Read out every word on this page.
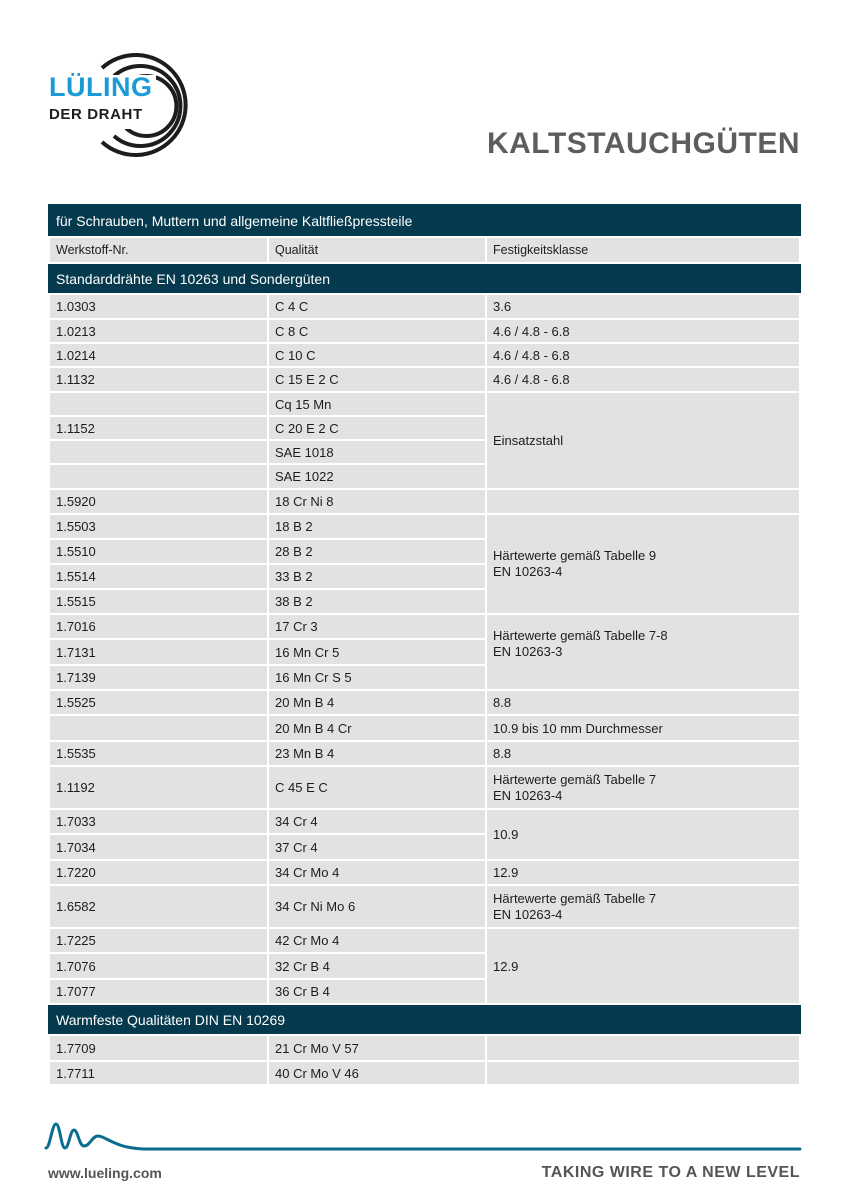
LÜLING
DER DRAHT
KALTSTAUCHGÜTEN
für Schrauben, Muttern und allgemeine Kaltfließpressteile		
Werkstoff-Nr.	Qualität	Festigkeitsklasse
Standarddrähte EN 10263 und Sondergüten		
1.0303	C 4 C	3.6
1.0213	C 8 C	4.6 / 4.8 - 6.8
1.0214	C 10 C	4.6 / 4.8 - 6.8
1.1132	C 15 E 2 C	4.6 / 4.8 - 6.8
	Cq 15 Mn	Einsatzstahl
1.1152	C 20 E 2 C	
	SAE 1018	
	SAE 1022	
1.5920	18 Cr Ni 8	
1.5503	18 B 2	Härtewerte gemäß Tabelle 9
EN 10263-4
1.5510	28 B 2	
1.5514	33 B 2	
1.5515	38 B 2	
1.7016	17 Cr 3	Härtewerte gemäß Tabelle 7-8
EN 10263-3
1.7131	16 Mn Cr 5	
1.7139	16 Mn Cr S 5	
1.5525	20 Mn B 4	8.8
	20 Mn B 4 Cr	10.9 bis 10 mm Durchmesser
1.5535	23 Mn B 4	8.8
1.1192	C 45 E C	Härtewerte gemäß Tabelle 7
EN 10263-4
1.7033	34 Cr 4	10.9
1.7034	37 Cr 4	
1.7220	34 Cr Mo 4	12.9
1.6582	34 Cr Ni Mo 6	Härtewerte gemäß Tabelle 7
EN 10263-4
1.7225	42 Cr Mo 4	12.9
1.7076	32 Cr B 4	
1.7077	36 Cr B 4	
Warmfeste Qualitäten DIN EN 10269		
1.7709	21 Cr Mo V 57	
1.7711	40 Cr Mo V 46	
www.lueling.com	TAKING WIRE TO A NEW LEVEL
